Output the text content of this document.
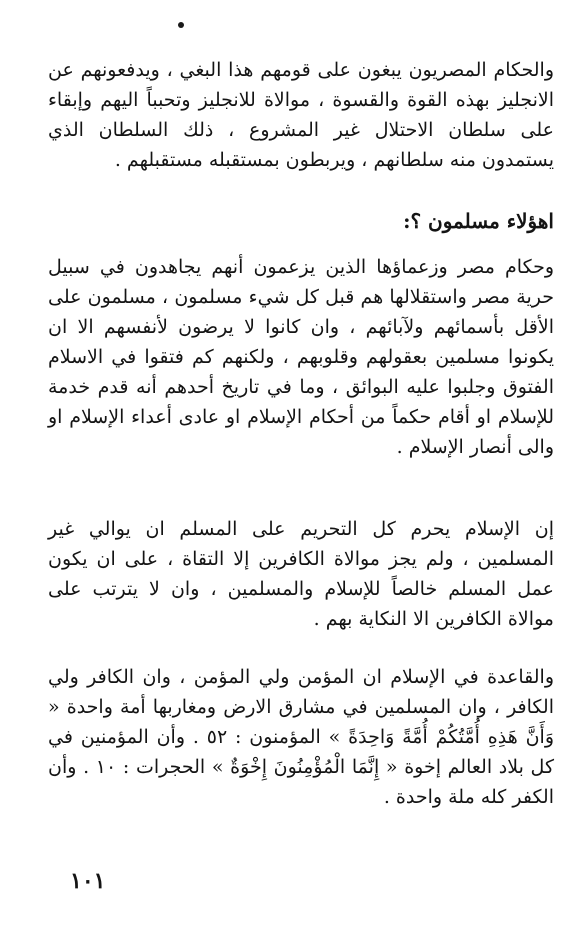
والحكام المصريون يبغون على قومهم هذا البغي ، ويدفعونهم عن الانجليز بهذه القوة والقسوة ، موالاة للانجليز وتحبباً اليهم وإبقاء على سلطان الاحتلال غير المشروع ، ذلك السلطان الذي يستمدون منه سلطانهم ، ويربطون بمستقبله مستقبلهم .

اهؤلاء مسلمون ؟:

وحكام مصر وزعماؤها الذين يزعمون أنهم يجاهدون في سبيل حرية مصر واستقلالها هم قبل كل شيء مسلمون ، مسلمون على الأقل بأسمائهم ولآبائهم ، وان كانوا لا يرضون لأنفسهم الا ان يكونوا مسلمين بعقولهم وقلوبهم ، ولكنهم كم فتقوا في الاسلام الفتوق وجلبوا عليه البوائق ، وما في تاريخ أحدهم أنه قدم خدمة للإسلام او أقام حكماً من أحكام الإسلام او عادى أعداء الإسلام او والى أنصار الإسلام .

إن الإسلام يحرم كل التحريم على المسلم ان يوالي غير المسلمين ، ولم يجز موالاة الكافرين إلا التقاة ، على ان يكون عمل المسلم خالصاً للإسلام والمسلمين ، وان لا يترتب على موالاة الكافرين الا النكاية بهم .

والقاعدة في الإسلام ان المؤمن ولي المؤمن ، وان الكافر ولي الكافر ، وان المسلمين في مشارق الارض ومغاربها أمة واحدة « وَأَنَّ هَذِهِ أُمَّتُكُمْ أُمَّةً وَاحِدَةً » المؤمنون : ٥٢ . وأن المؤمنين في كل بلاد العالم إخوة « إِنَّمَا الْمُؤْمِنُونَ إِخْوَةٌ » الحجرات : ١٠ . وأن الكفر كله ملة واحدة .

١٠١
